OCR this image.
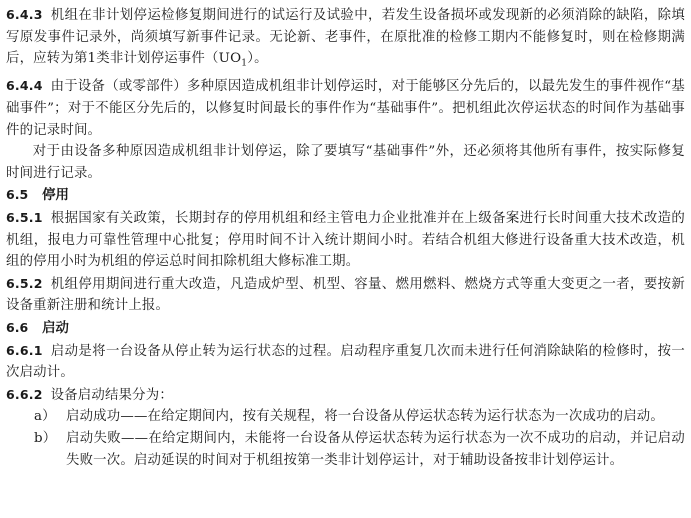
6.4.3 机组在非计划停运检修复期间进行的试运行及试验中，若发生设备损坏或发现新的必须消除的缺陷，除填写原发事件记录外，尚须填写新事件记录。无论新、老事件，在原批准的检修工期内不能修复时，则在检修期满后，应转为第1类非计划停运事件$(UO_1)$。

6.4.4 由于设备（或零部件）多种原因造成机组非计划停运时，对于能够区分先后的，以最先发生的事件视作“基础事件”；对于不能区分先后的，以修复时间最长的事件作为“基础事件”。把机组此次停运状态的时间作为基础事件的记录时间。

对于由设备多种原因造成机组非计划停运，除了要填写“基础事件”外，还必须将其他所有事件，按实际修复时间进行记录。

6.5 停用

6.5.1 根据国家有关政策，长期封存的停用机组和经主管电力企业批准并在上级备案进行长时间重大技术改造的机组，报电力可靠性管理中心批复；停用时间不计入统计期间小时。若结合机组大修进行设备重大技术改造，机组的停用小时为机组的停运总时间扣除机组大修标准工期。

6.5.2 机组停用期间进行重大改造，凡造成炉型、机型、容量、燃用燃料、燃烧方式等重大变更之一者，要按新设备重新注册和统计上报。

6.6 启动

6.6.1 启动是将一台设备从停止转为运行状态的过程。启动程序重复几次而未进行任何消除缺陷的检修时，按一次启动计。

6.6.2 设备启动结果分为：

a） 启动成功——在给定期间内，按有关规程，将一台设备从停运状态转为运行状态为一次成功的启动。
b） 启动失败——在给定期间内，未能将一台设备从停运状态转为运行状态为一次不成功的启动，并记启动失败一次。启动延误的时间对于机组按第一类非计划停运计，对于辅助设备按非计划停运计。
